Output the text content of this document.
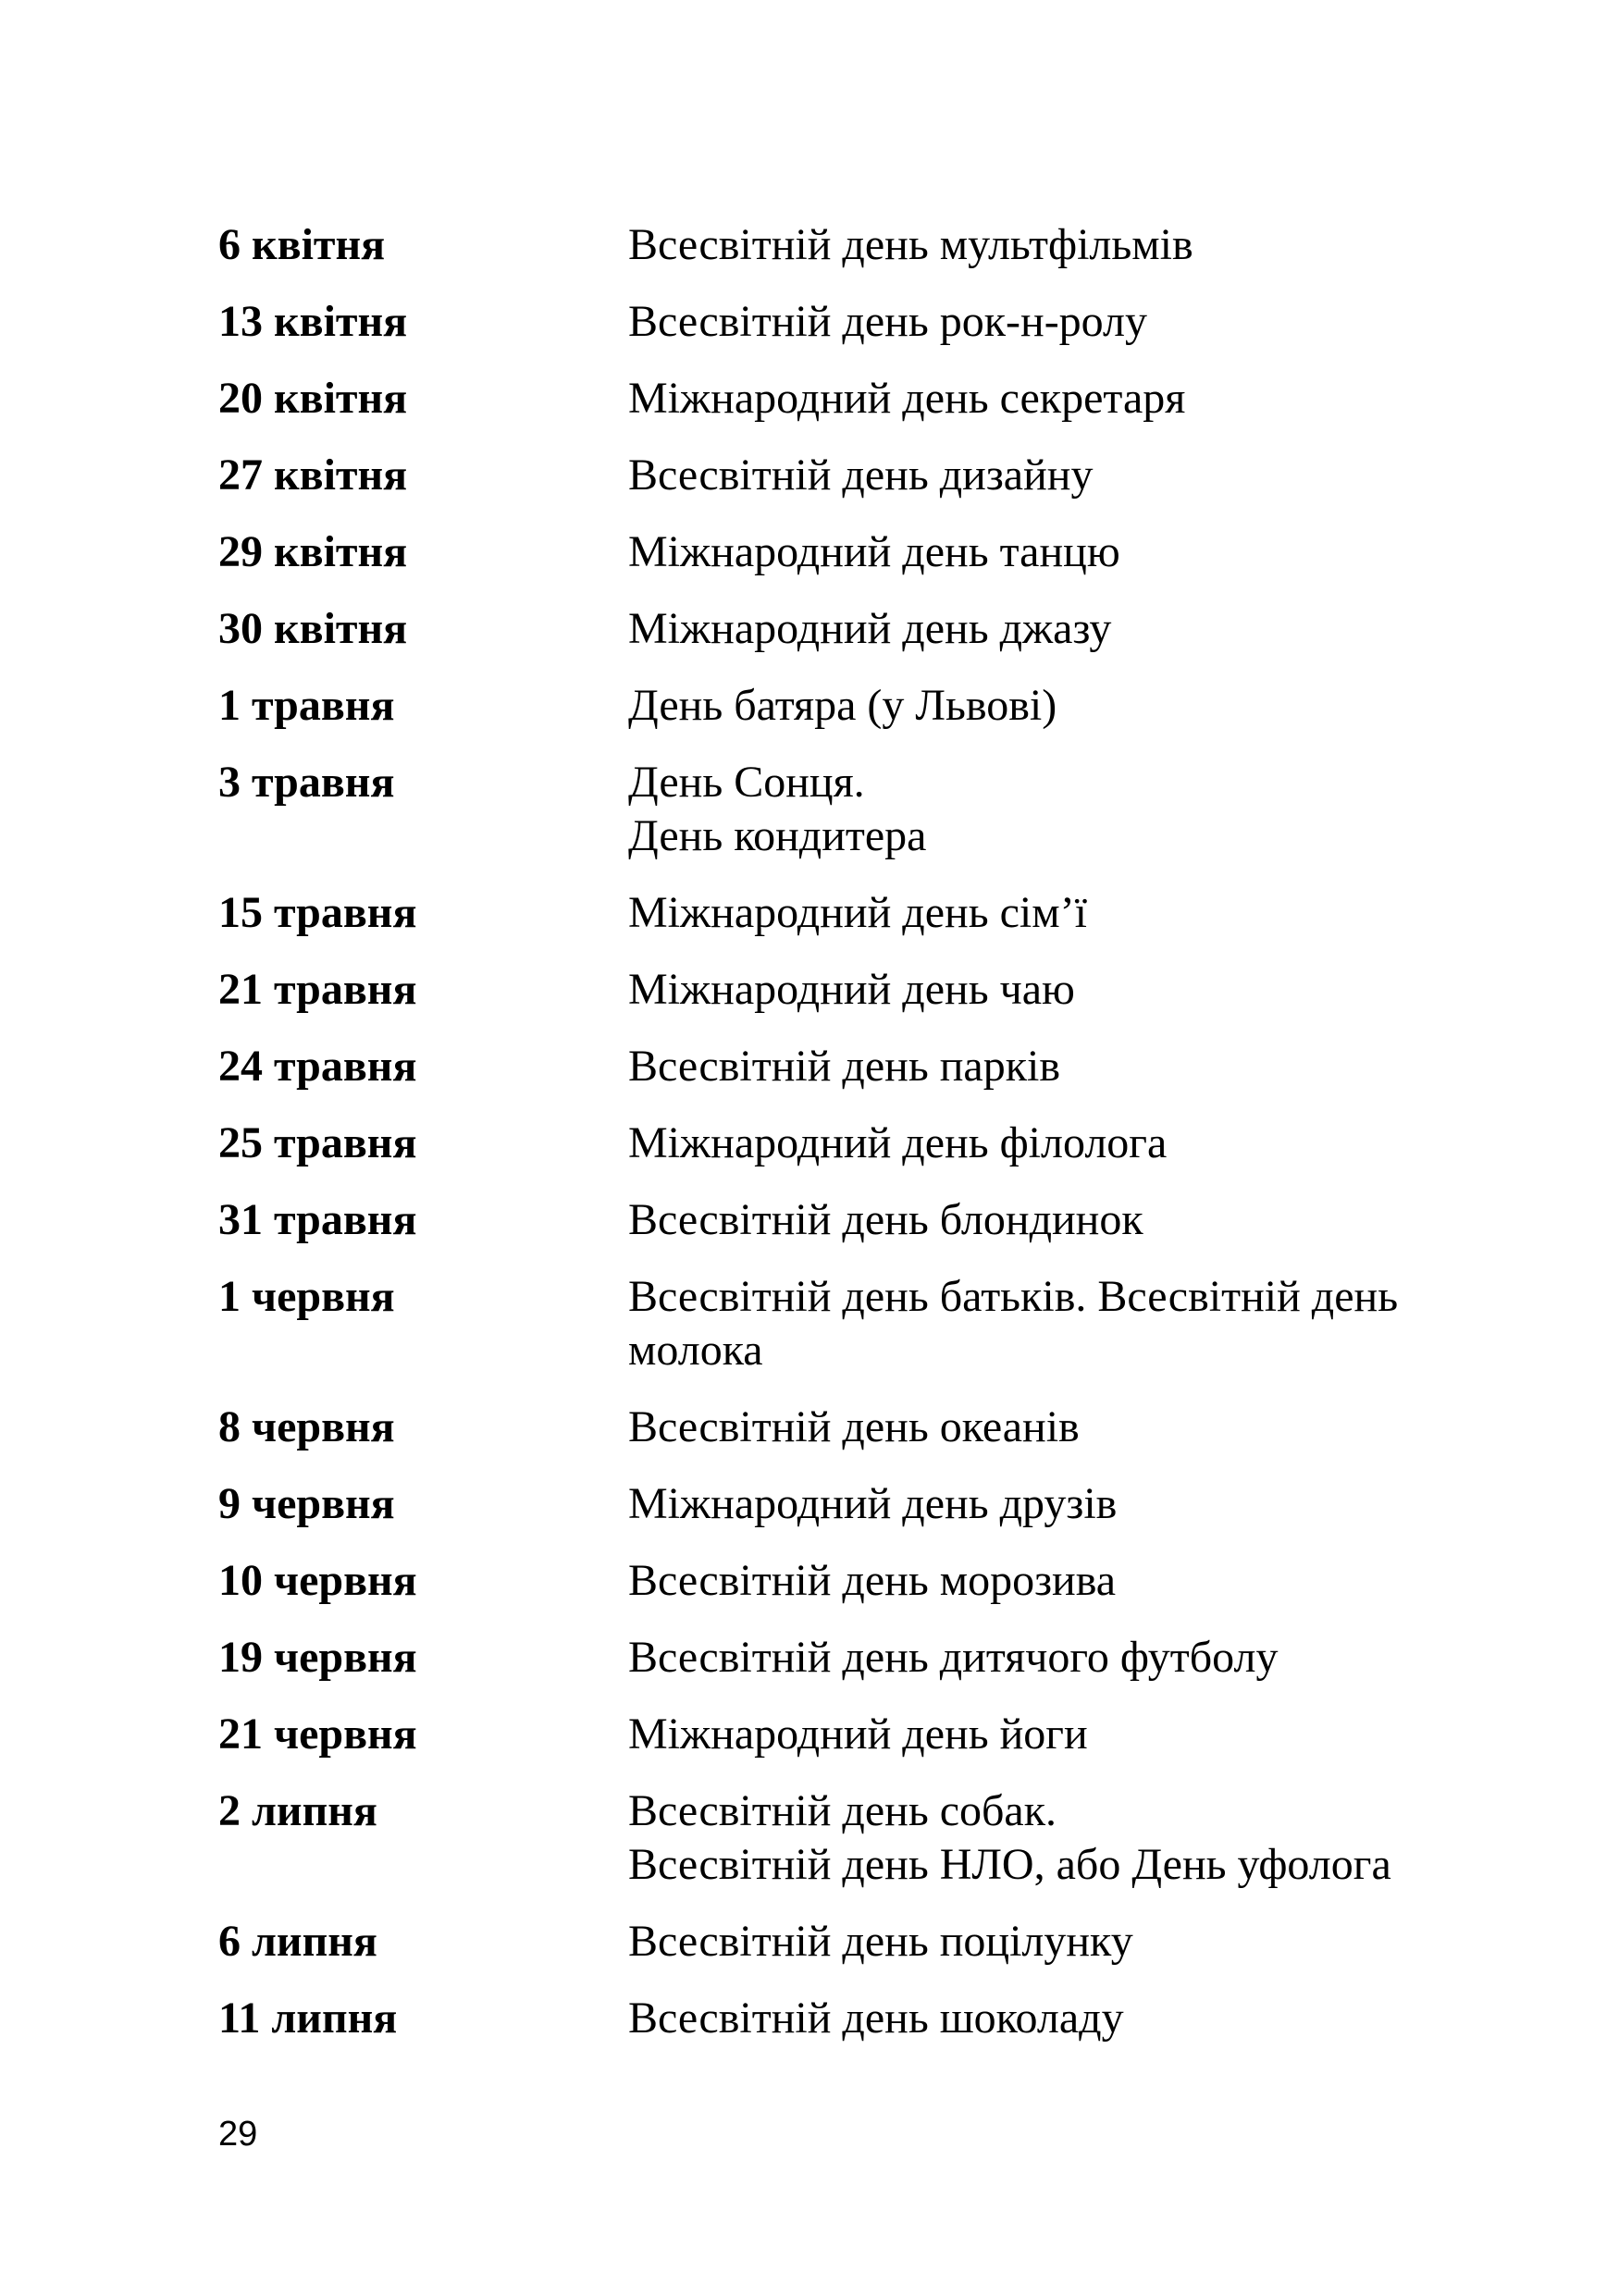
6 квітня	Всесвітній день мультфільмів
13 квітня	Всесвітній день рок-н-ролу
20 квітня	Міжнародний день секретаря
27 квітня	Всесвітній день дизайну
29 квітня	Міжнародний день танцю
30 квітня	Міжнародний день джазу
1 травня	День батяра (у Львові)
3 травня	День Сонця.
День кондитера
15 травня	Міжнародний день сім’ї
21 травня	Міжнародний день чаю
24 травня	Всесвітній день парків
25 травня	Міжнародний день філолога
31 травня	Всесвітній день блондинок
1 червня	Всесвітній день батьків. Всесвітній день
молока
8 червня	Всесвітній день океанів
9 червня	Міжнародний день друзів
10 червня	Всесвітній день морозива
19 червня	Всесвітній день дитячого футболу
21 червня	Міжнародний день йоги
2 липня	Всесвітній день собак.
Всесвітній день НЛО, або День уфолога
6 липня	Всесвітній день поцілунку
11 липня	Всесвітній день шоколаду
29
